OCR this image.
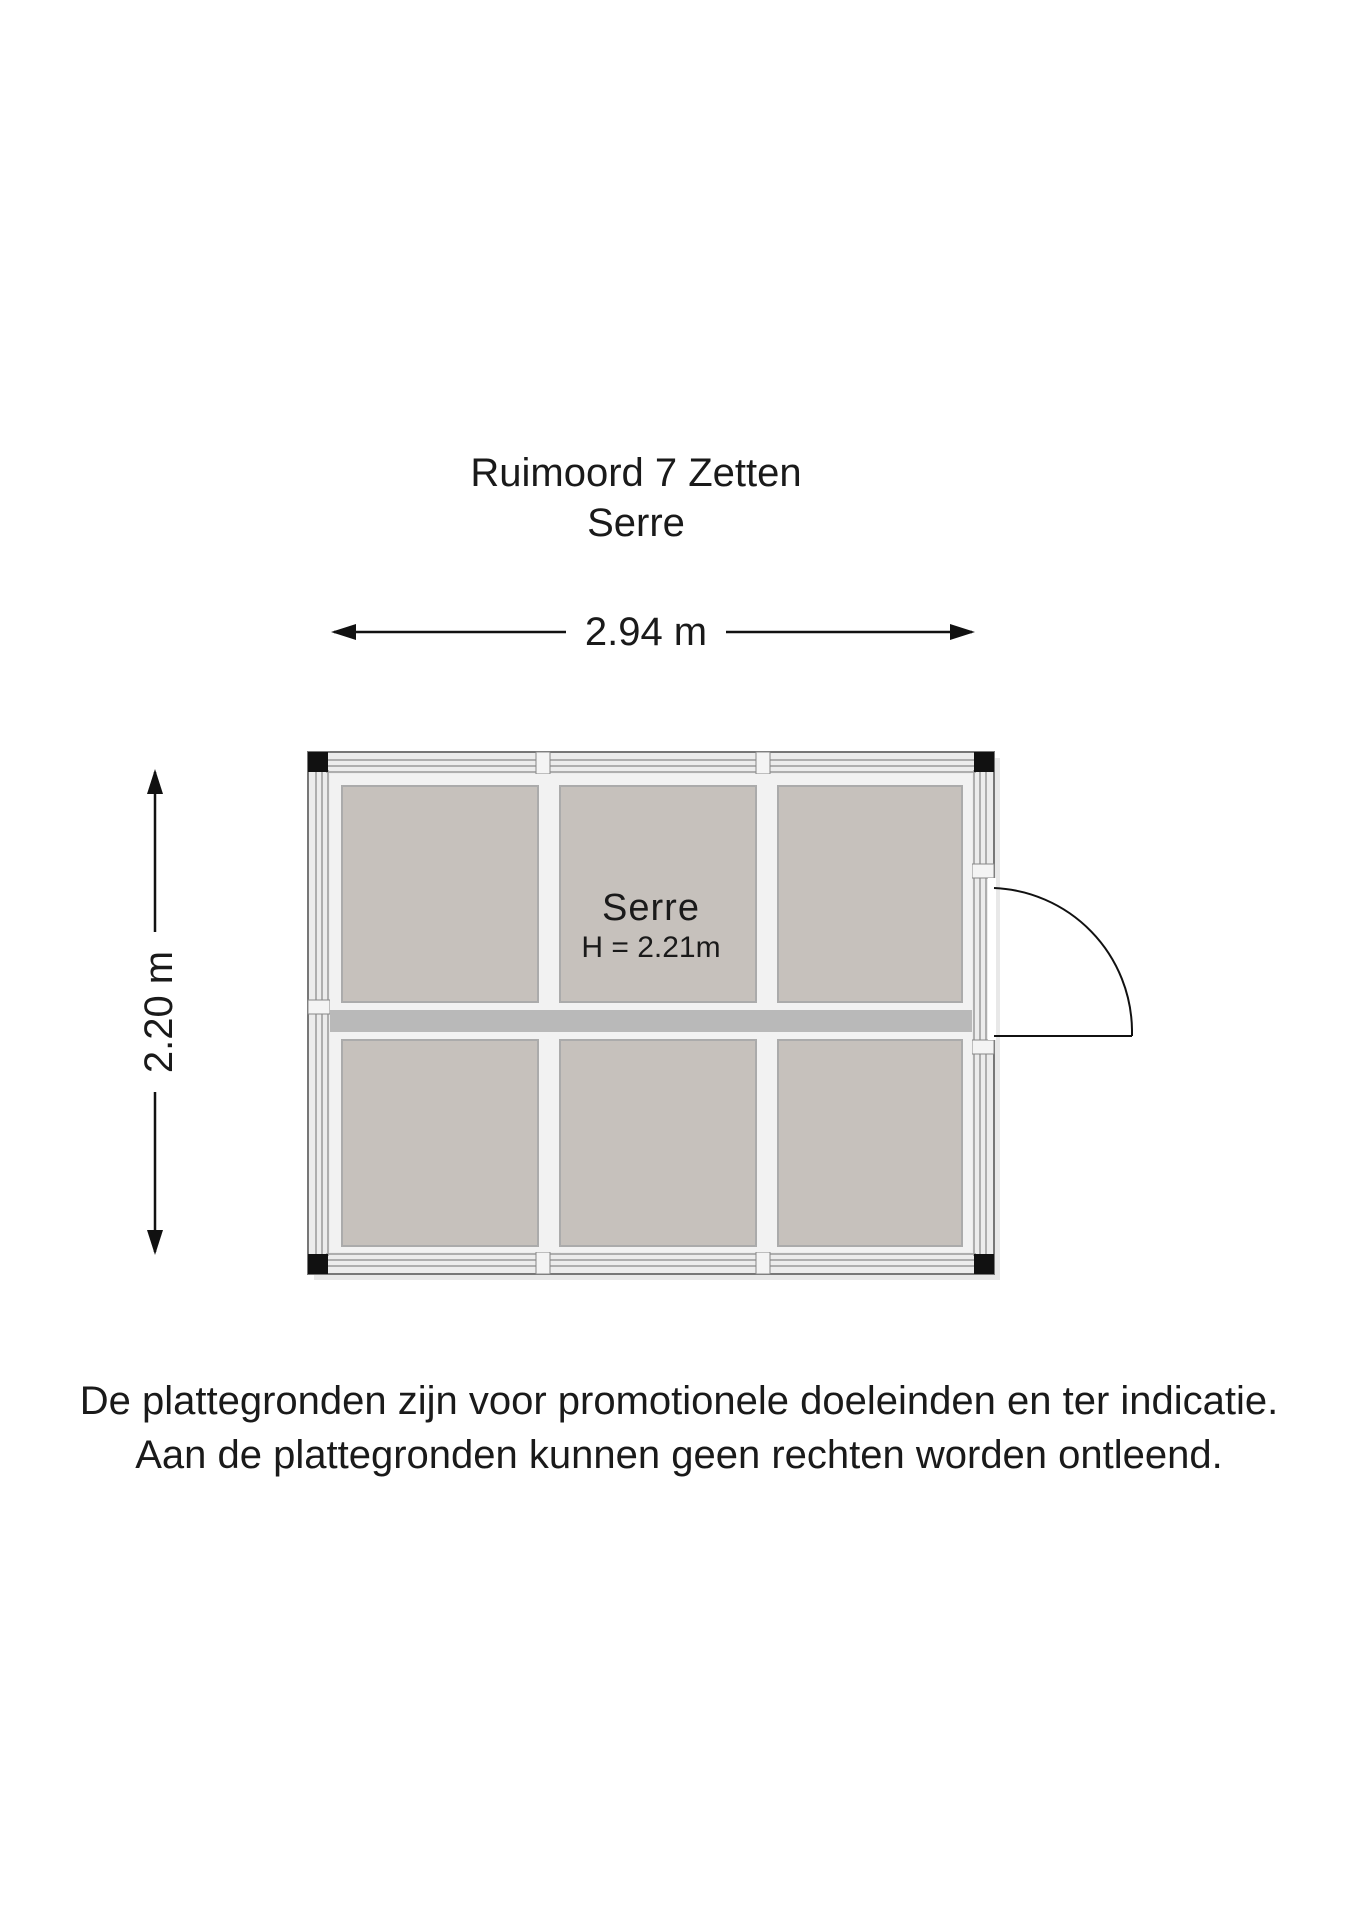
Ruimoord 7 Zetten
Serre
2.94 m
2.20 m
Serre
H = 2.21m
De plattegronden zijn voor promotionele doeleinden en ter indicatie.
Aan de plattegronden kunnen geen rechten worden ontleend.
